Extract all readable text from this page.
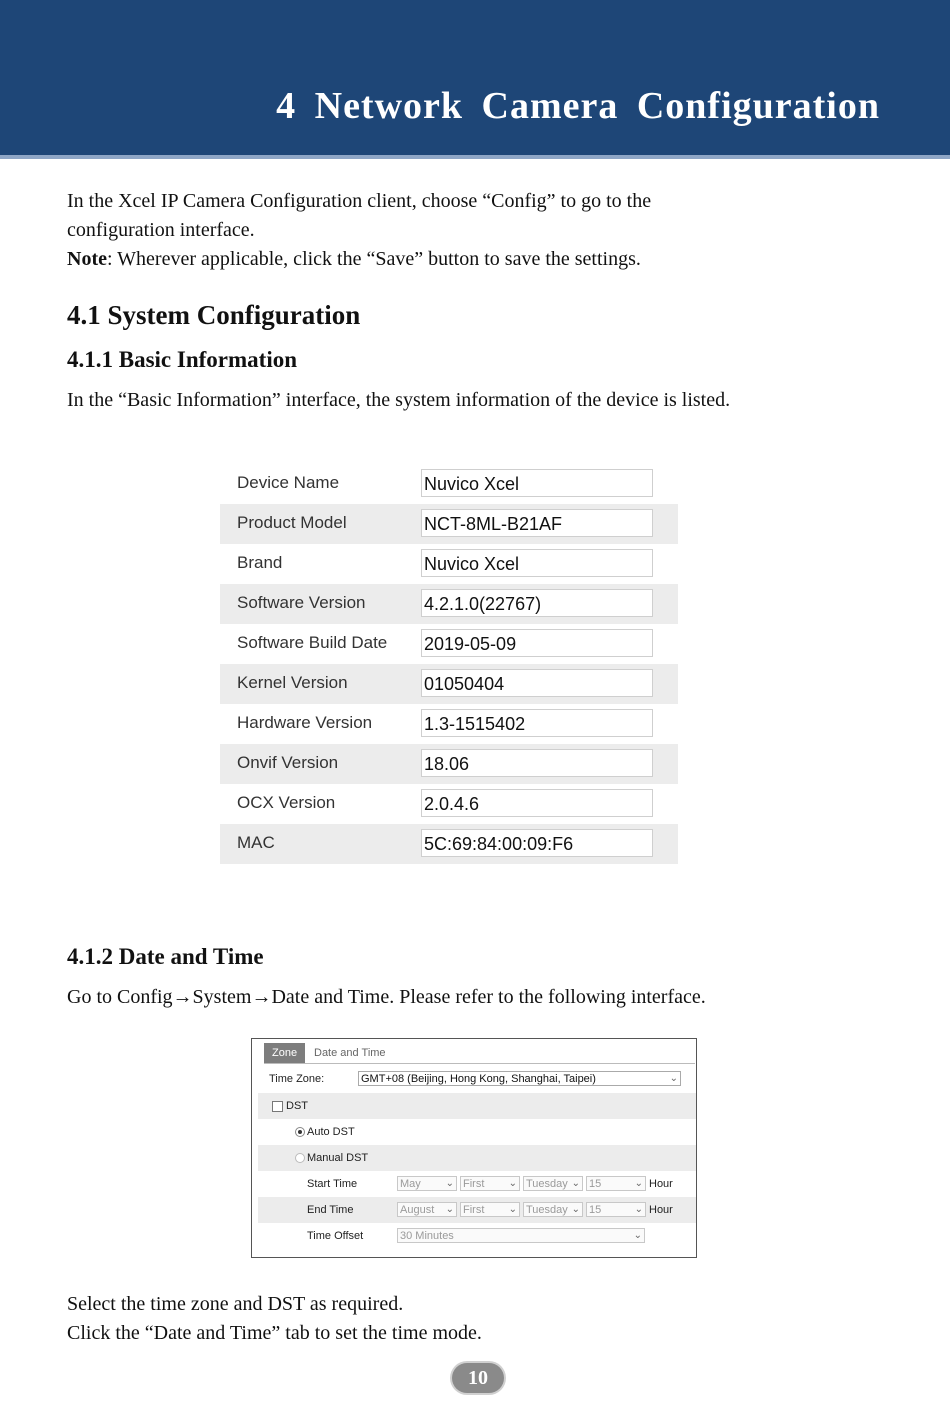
4 Network Camera Configuration
In the Xcel IP Camera Configuration client, choose “Config” to go to the
configuration interface.
Note: Wherever applicable, click the “Save” button to save the settings.
4.1 System Configuration
4.1.1 Basic Information
In the “Basic Information” interface, the system information of the device is listed.
Device Name	Nuvico Xcel
Product Model	NCT-8ML-B21AF
Brand	Nuvico Xcel
Software Version	4.2.1.0(22767)
Software Build Date 2019-05-09
Kernel Version	01050404
Hardware Version	1.3-1515402
Onvif Version	18.06
OCX Version	2.0.4.6
MAC	5C:69:84:00:09:F6
4.1.2 Date and Time
Go to Config→System→Date and Time. Please refer to the following interface.
Zone	Date and Time
Time Zone:	GMT+08 (Beijing, Hong Kong, Shanghai, Taipei)	⌄
DST
Auto DST
Manual DST
Start Time	May ⌄ First ⌄ Tuesday ⌄ 15	⌄ Hour
End Time	August ⌄ First ⌄ Tuesday ⌄ 15	⌄ Hour
Time Offset	30 Minutes	⌄
Select the time zone and DST as required.
Click the “Date and Time” tab to set the time mode.
10
